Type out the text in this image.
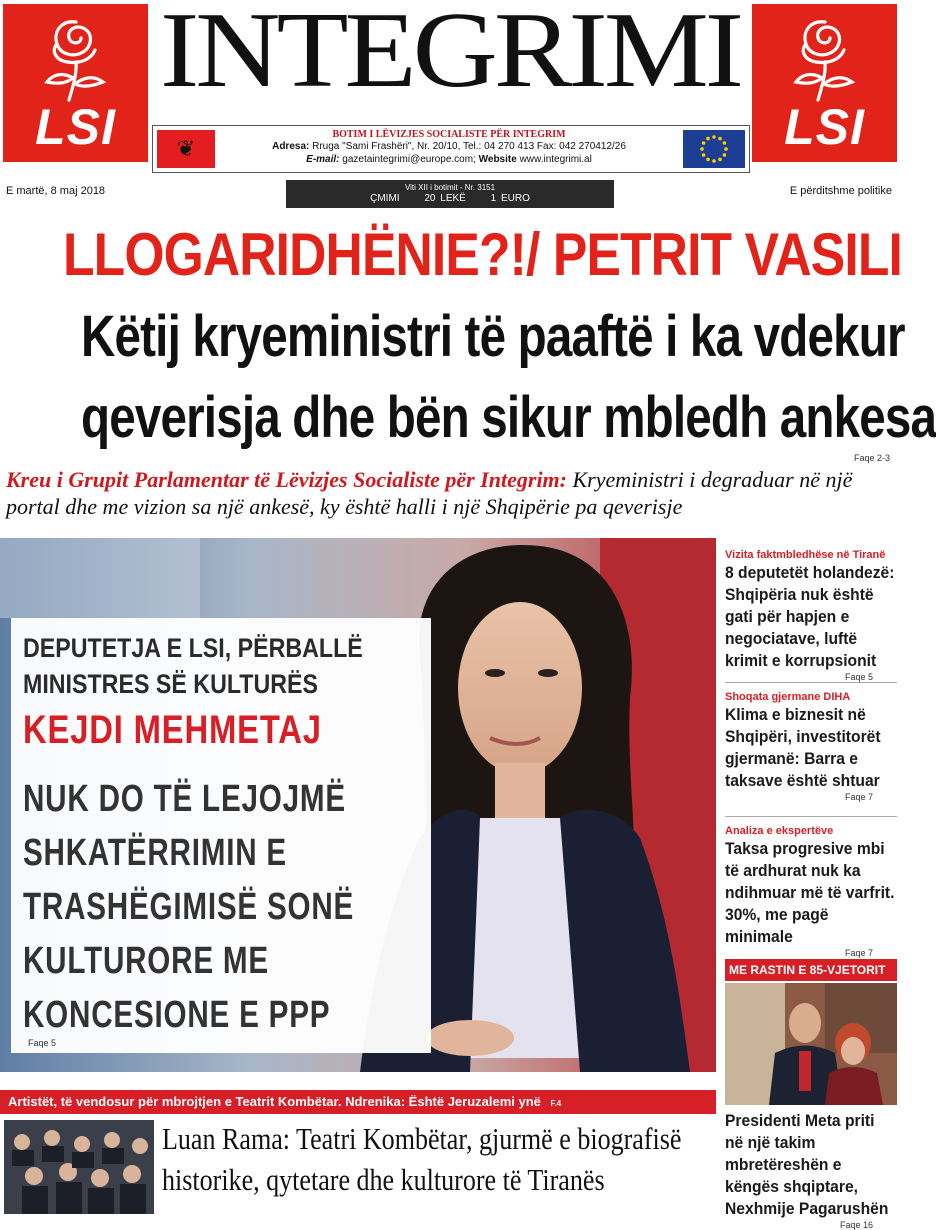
LSI
INTEGRIMI
LSI
❦
BOTIM I LËVIZJES SOCIALISTE PËR INTEGRIM
Adresa: Rruga "Sami Frashëri", Nr. 20/10, Tel.: 04 270 413 Fax: 042 270412/26
E-mail: gazetaintegrimi@europe.com; Website www.integrimi.al
E martë, 8 maj 2018	Viti XII i botimit - Nr. 3151
ÇMIMI 20 LEKË 1 EURO
E përditshme politike
LLOGARIDHËNIE?!/ PETRIT VASILI
Këtij kryeministri të paaftë i ka vdekur
qeverisja dhe bën sikur mbledh ankesa
Faqe 2-3
Kreu i Grupit Parlamentar të Lëvizjes Socialiste për Integrim: Kryeministri i degraduar në një portal dhe me vizion sa një ankesë, ky është halli i një Shqipërie pa qeverisje
DEPUTETJA E LSI, PËRBALLË MINISTRES SË KULTURËS
KEJDI MEHMETAJ
NUK DO TË LEJOJMË SHKATËRRIMIN E TRASHËGIMISË SONË KULTURORE ME KONCESIONE E PPP
Faqe 5
Vizita faktmbledhëse në Tiranë
8 deputetët holandezë: Shqipëria nuk është gati për hapjen e negociatave, luftë krimit e korrupsionit
Faqe 5
Shoqata gjermane DIHA
Klima e biznesit në Shqipëri, investitorët gjermanë: Barra e taksave është shtuar
Faqe 7
Analiza e ekspertëve
Taksa progresive mbi të ardhurat nuk ka ndihmuar më të varfrit. 30%, me pagë minimale
Faqe 7
ME RASTIN E 85-VJETORIT
Presidenti Meta priti në një takim mbretëreshën e këngës shqiptare, Nexhmije Pagarushën
Faqe 16
Artistët, të vendosur për mbrojtjen e Teatrit Kombëtar. Ndrenika: Është Jeruzalemi ynë F.4
Luan Rama: Teatri Kombëtar, gjurmë e biografisë
historike, qytetare dhe kulturore të Tiranës
